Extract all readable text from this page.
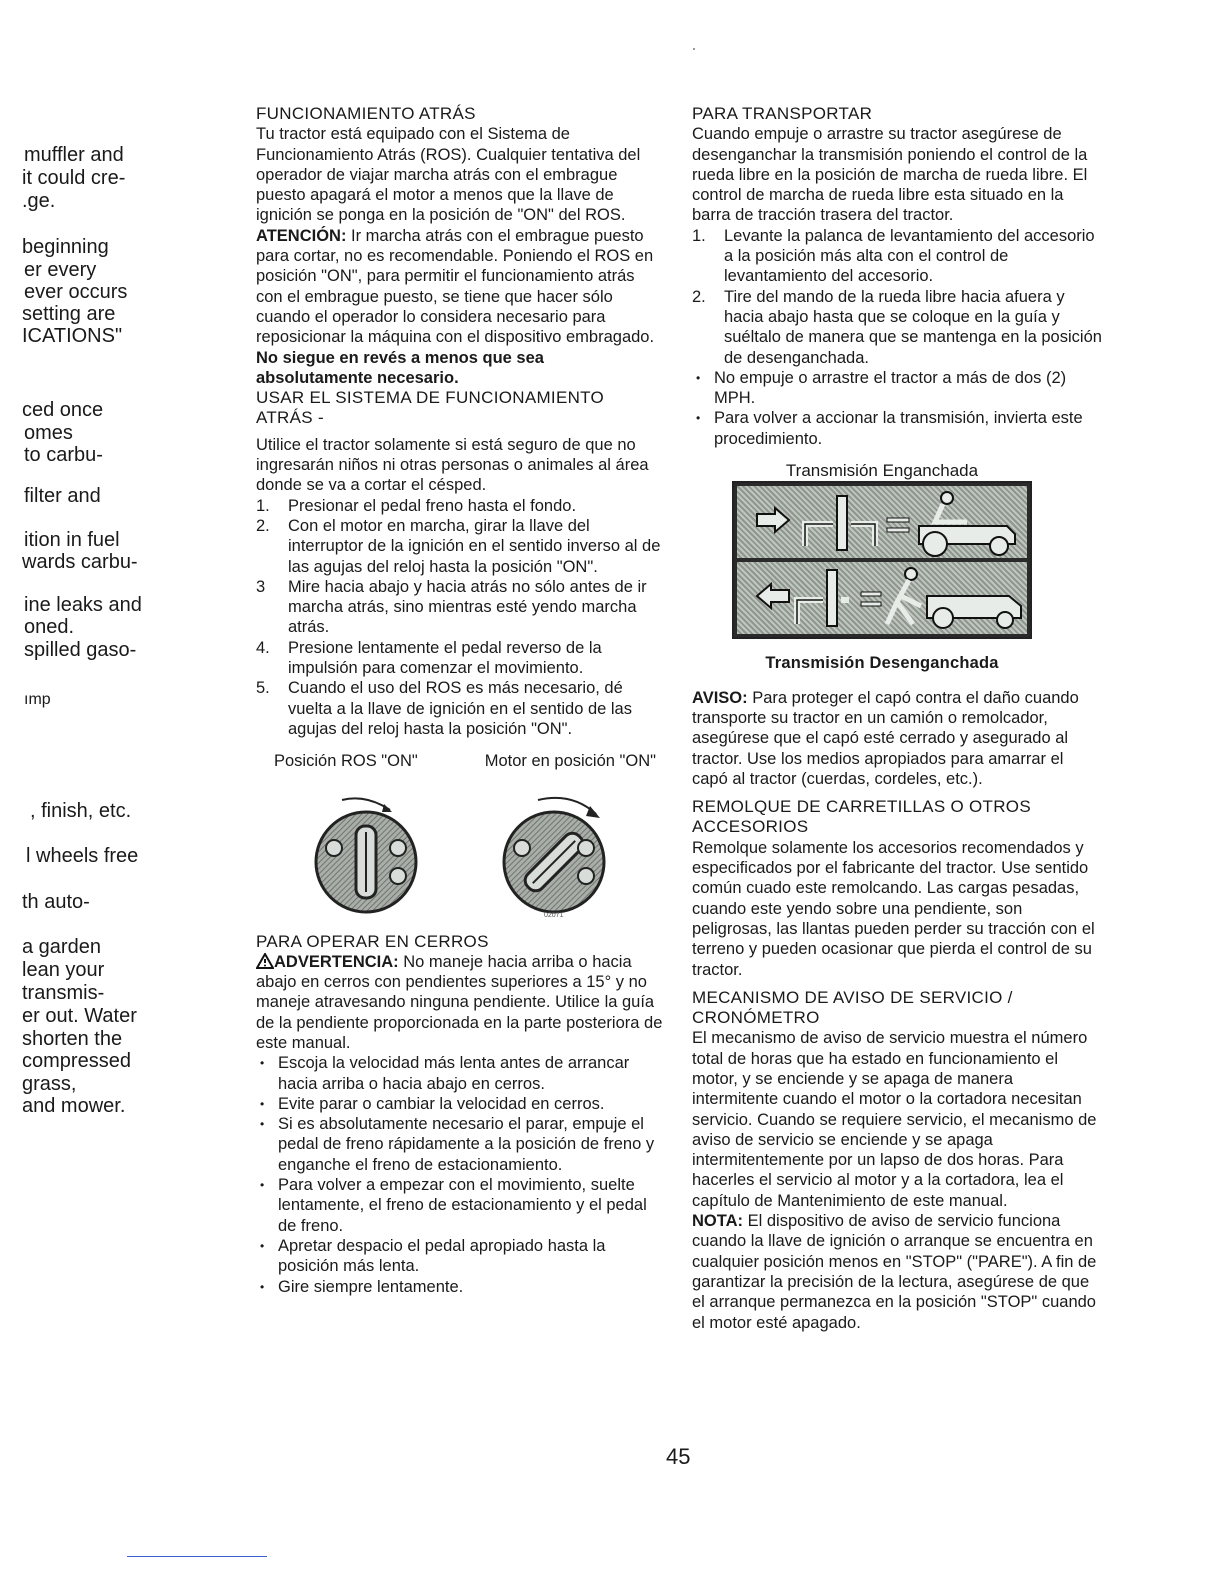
muffler and
it could cre-
.ge.
beginning
er every
ever occurs
setting are
ICATIONS"
ced once
omes
to carbu-
filter and
ition in fuel
wards carbu-
ine leaks and
oned.
spilled gaso-
ımp
, finish, etc.
l wheels free
th auto-
a garden
lean your
transmis-
er out. Water
shorten the
compressed
grass,
and mower.
FUNCIONAMIENTO ATRÁS

Tu tractor está equipado con el Sistema de Funcionamiento Atrás (ROS). Cualquier tentativa del operador de viajar marcha atrás con el embrague puesto apagará el motor a menos que la llave de ignición se ponga en la posición de "ON" del ROS.

ATENCIÓN: Ir marcha atrás con el embrague puesto para cortar, no es recomendable. Poniendo el ROS en posición "ON", para permitir el funcionamiento atrás con el embrague puesto, se tiene que hacer sólo cuando el operador lo considera necesario para reposicionar la máquina con el dispositivo embragado. No siegue en revés a menos que sea absolutamente necesario.

USAR EL SISTEMA DE FUNCIONAMIENTO ATRÁS -

Utilice el tractor solamente si está seguro de que no ingresarán niños ni otras personas o animales al área donde se va a cortar el césped.

1. Presionar el pedal freno hasta el fondo.
2. Con el motor en marcha, girar la llave del interruptor de la ignición en el sentido inverso al de las agujas del reloj hasta la posición "ON".
3 Mire hacia abajo y hacia atrás no sólo antes de ir marcha atrás, sino mientras esté yendo marcha atrás.
4. Presione lentamente el pedal reverso de la impulsión para comenzar el movimiento.
5. Cuando el uso del ROS es más necesario, dé vuelta a la llave de ignición en el sentido de las agujas del reloj hasta la posición "ON".
Posición ROS "ON"	Motor en posición "ON"
02071
PARA OPERAR EN CERROS

ADVERTENCIA: No maneje hacia arriba o hacia abajo en cerros con pendientes superiores a 15° y no maneje atravesando ninguna pendiente. Utilice la guía de la pendiente proporcionada en la parte posteriora de este manual.

• Escoja la velocidad más lenta antes de arrancar hacia arriba o hacia abajo en cerros.
• Evite parar o cambiar la velocidad en cerros.
• Si es absolutamente necesario el parar, empuje el pedal de freno rápidamente a la posición de freno y enganche el freno de estacionamiento.
• Para volver a empezar con el movimiento, suelte lentamente, el freno de estacionamiento y el pedal de freno.
• Apretar despacio el pedal apropiado hasta la posición más lenta.
• Gire siempre lentamente.
PARA TRANSPORTAR

Cuando empuje o arrastre su tractor asegúrese de desenganchar la transmisión poniendo el control de la rueda libre en la posición de marcha de rueda libre. El control de marcha de rueda libre esta situado en la barra de tracción trasera del tractor.

1. Levante la palanca de levantamiento del accesorio a la posición más alta con el control de levantamiento del accesorio.
2. Tire del mando de la rueda libre hacia afuera y hacia abajo hasta que se coloque en la guía y suéltalo de manera que se mantenga en la posición de desenganchada.
• No empuje o arrastre el tractor a más de dos (2) MPH.
• Para volver a accionar la transmisión, invierta este procedimiento.
Transmisión Enganchada
Transmisión Desenganchada

AVISO: Para proteger el capó contra el daño cuando transporte su tractor en un camión o remolcador, asegúrese que el capó esté cerrado y asegurado al tractor. Use los medios apropiados para amarrar el capó al tractor (cuerdas, cordeles, etc.).

REMOLQUE DE CARRETILLAS O OTROS ACCESORIOS

Remolque solamente los accesorios recomendados y especificados por el fabricante del tractor. Use sentido común cuado este remolcando. Las cargas pesadas, cuando este yendo sobre una pendiente, son peligrosas, las llantas pueden perder su tracción con el terreno y pueden ocasionar que pierda el control de su tractor.

MECANISMO DE AVISO DE SERVICIO / CRONÓMETRO

El mecanismo de aviso de servicio muestra el número total de horas que ha estado en funcionamiento el motor, y se enciende y se apaga de manera intermitente cuando el motor o la cortadora necesitan servicio. Cuando se requiere servicio, el mecanismo de aviso de servicio se enciende y se apaga intermitentemente por un lapso de dos horas. Para hacerles el servicio al motor y a la cortadora, lea el capítulo de Mantenimiento de este manual.

NOTA: El dispositivo de aviso de servicio funciona cuando la llave de ignición o arranque se encuentra en cualquier posición menos en "STOP" ("PARE"). A fin de garantizar la precisión de la lectura, asegúrese de que el arranque permanezca en la posición "STOP" cuando el motor esté apagado.

45
